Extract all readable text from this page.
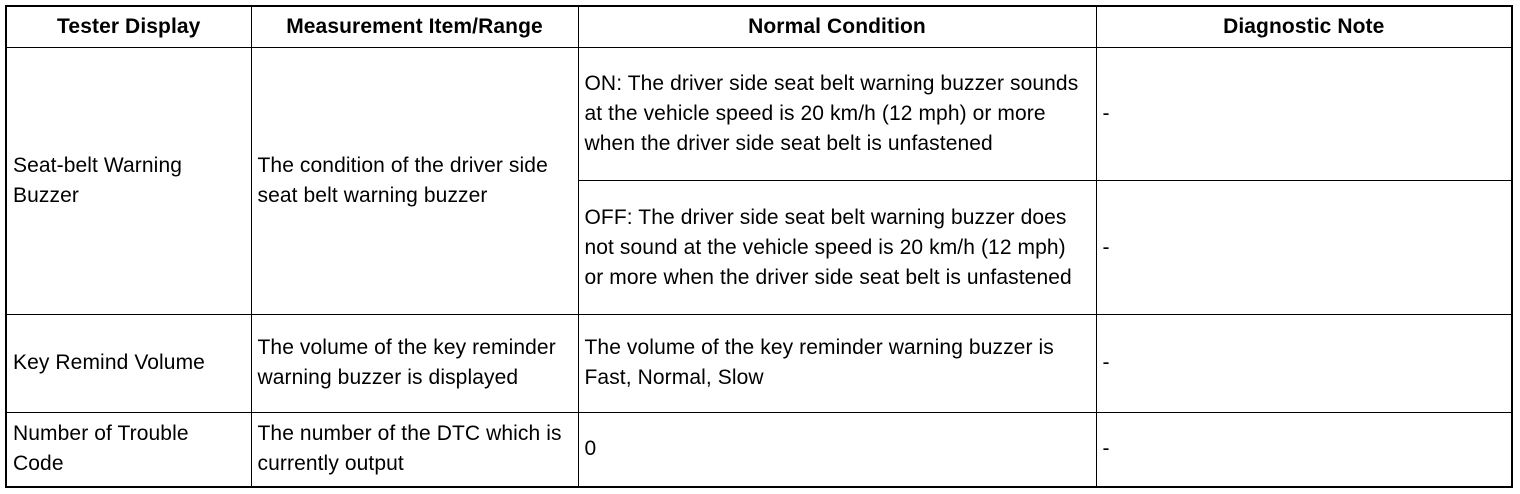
Tester Display	Measurement Item/Range	Normal Condition	Diagnostic Note
Seat-belt Warning Buzzer	The condition of the driver side seat belt warning buzzer	ON: The driver side seat belt warning buzzer sounds at the vehicle speed is 20 km/h (12 mph) or more when the driver side seat belt is unfastened	-
		OFF: The driver side seat belt warning buzzer does not sound at the vehicle speed is 20 km/h (12 mph) or more when the driver side seat belt is unfastened	-
Key Remind Volume	The volume of the key reminder warning buzzer is displayed	The volume of the key reminder warning buzzer is Fast, Normal, Slow	-
Number of Trouble Code	The number of the DTC which is currently output	0	-
